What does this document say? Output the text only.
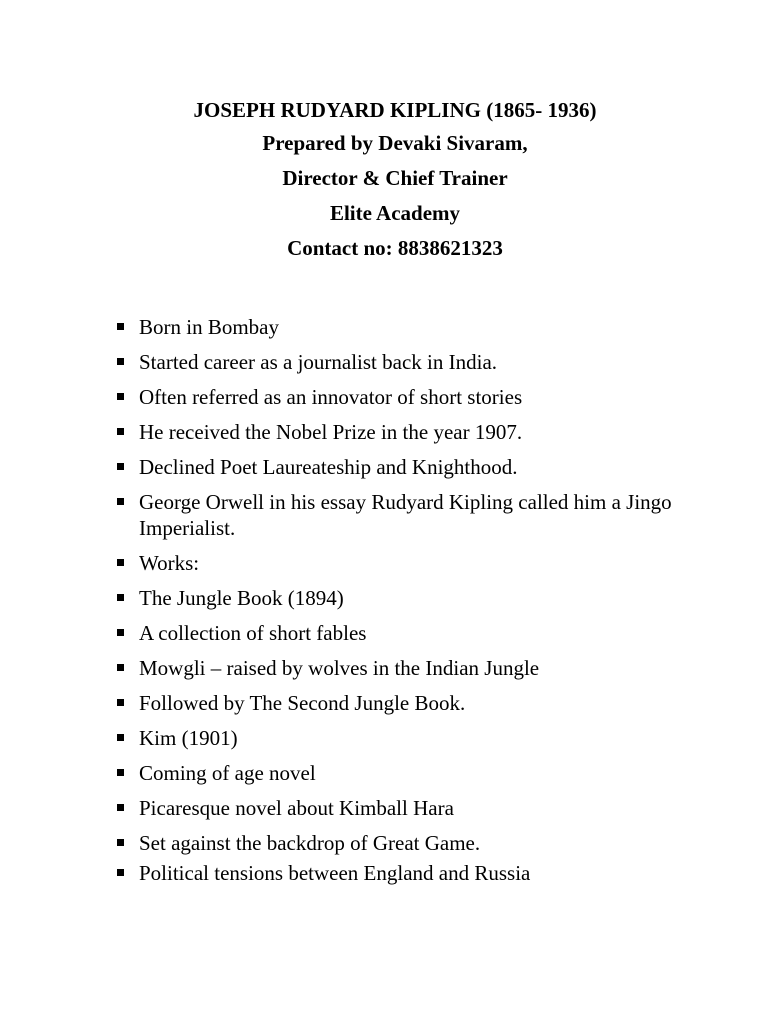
JOSEPH RUDYARD KIPLING (1865- 1936)
Prepared by Devaki Sivaram,
Director & Chief Trainer
Elite Academy
Contact no: 8838621323
Born in Bombay
Started career as a journalist back in India.
Often referred as an innovator of short stories
He received the Nobel Prize in the year 1907.
Declined Poet Laureateship and Knighthood.
George Orwell in his essay Rudyard Kipling called him a Jingo Imperialist.
Works:
The Jungle Book (1894)
A collection of short fables
Mowgli – raised by wolves in the Indian Jungle
Followed by The Second Jungle Book.
Kim (1901)
Coming of age novel
Picaresque novel about Kimball Hara
Set against the backdrop of Great Game.
Political tensions between England and Russia
